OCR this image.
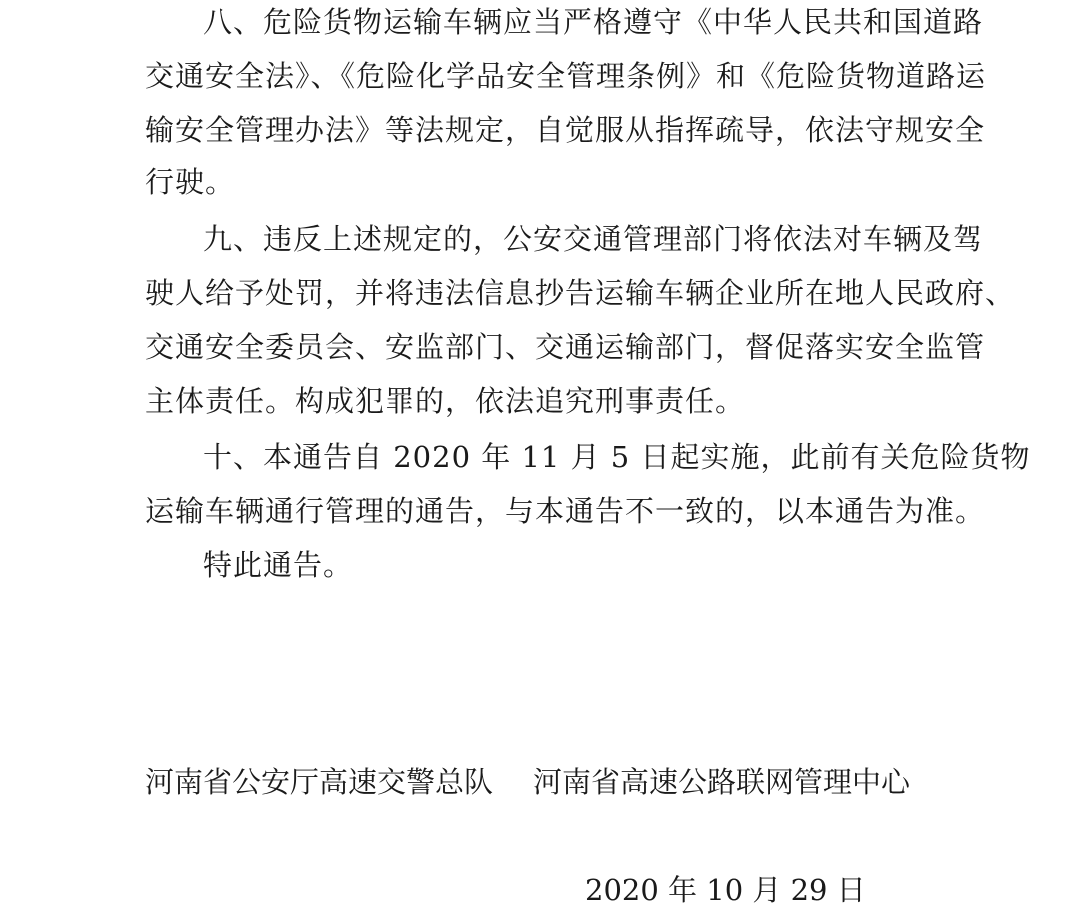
八、危险货物运输车辆应当严格遵守《中华人民共和国道路

交通安全法》、《危险化学品安全管理条例》和《危险货物道路运

输安全管理办法》等法规定，自觉服从指挥疏导，依法守规安全

行驶。

九、违反上述规定的，公安交通管理部门将依法对车辆及驾

驶人给予处罚，并将违法信息抄告运输车辆企业所在地人民政府、

交通安全委员会、安监部门、交通运输部门，督促落实安全监管

主体责任。构成犯罪的，依法追究刑事责任。

十、本通告自 2020 年 11 月 5 日起实施，此前有关危险货物

运输车辆通行管理的通告，与本通告不一致的，以本通告为准。

特此通告。

河南省公安厅高速交警总队 河南省高速公路联网管理中心

2020 年 10 月 29 日
